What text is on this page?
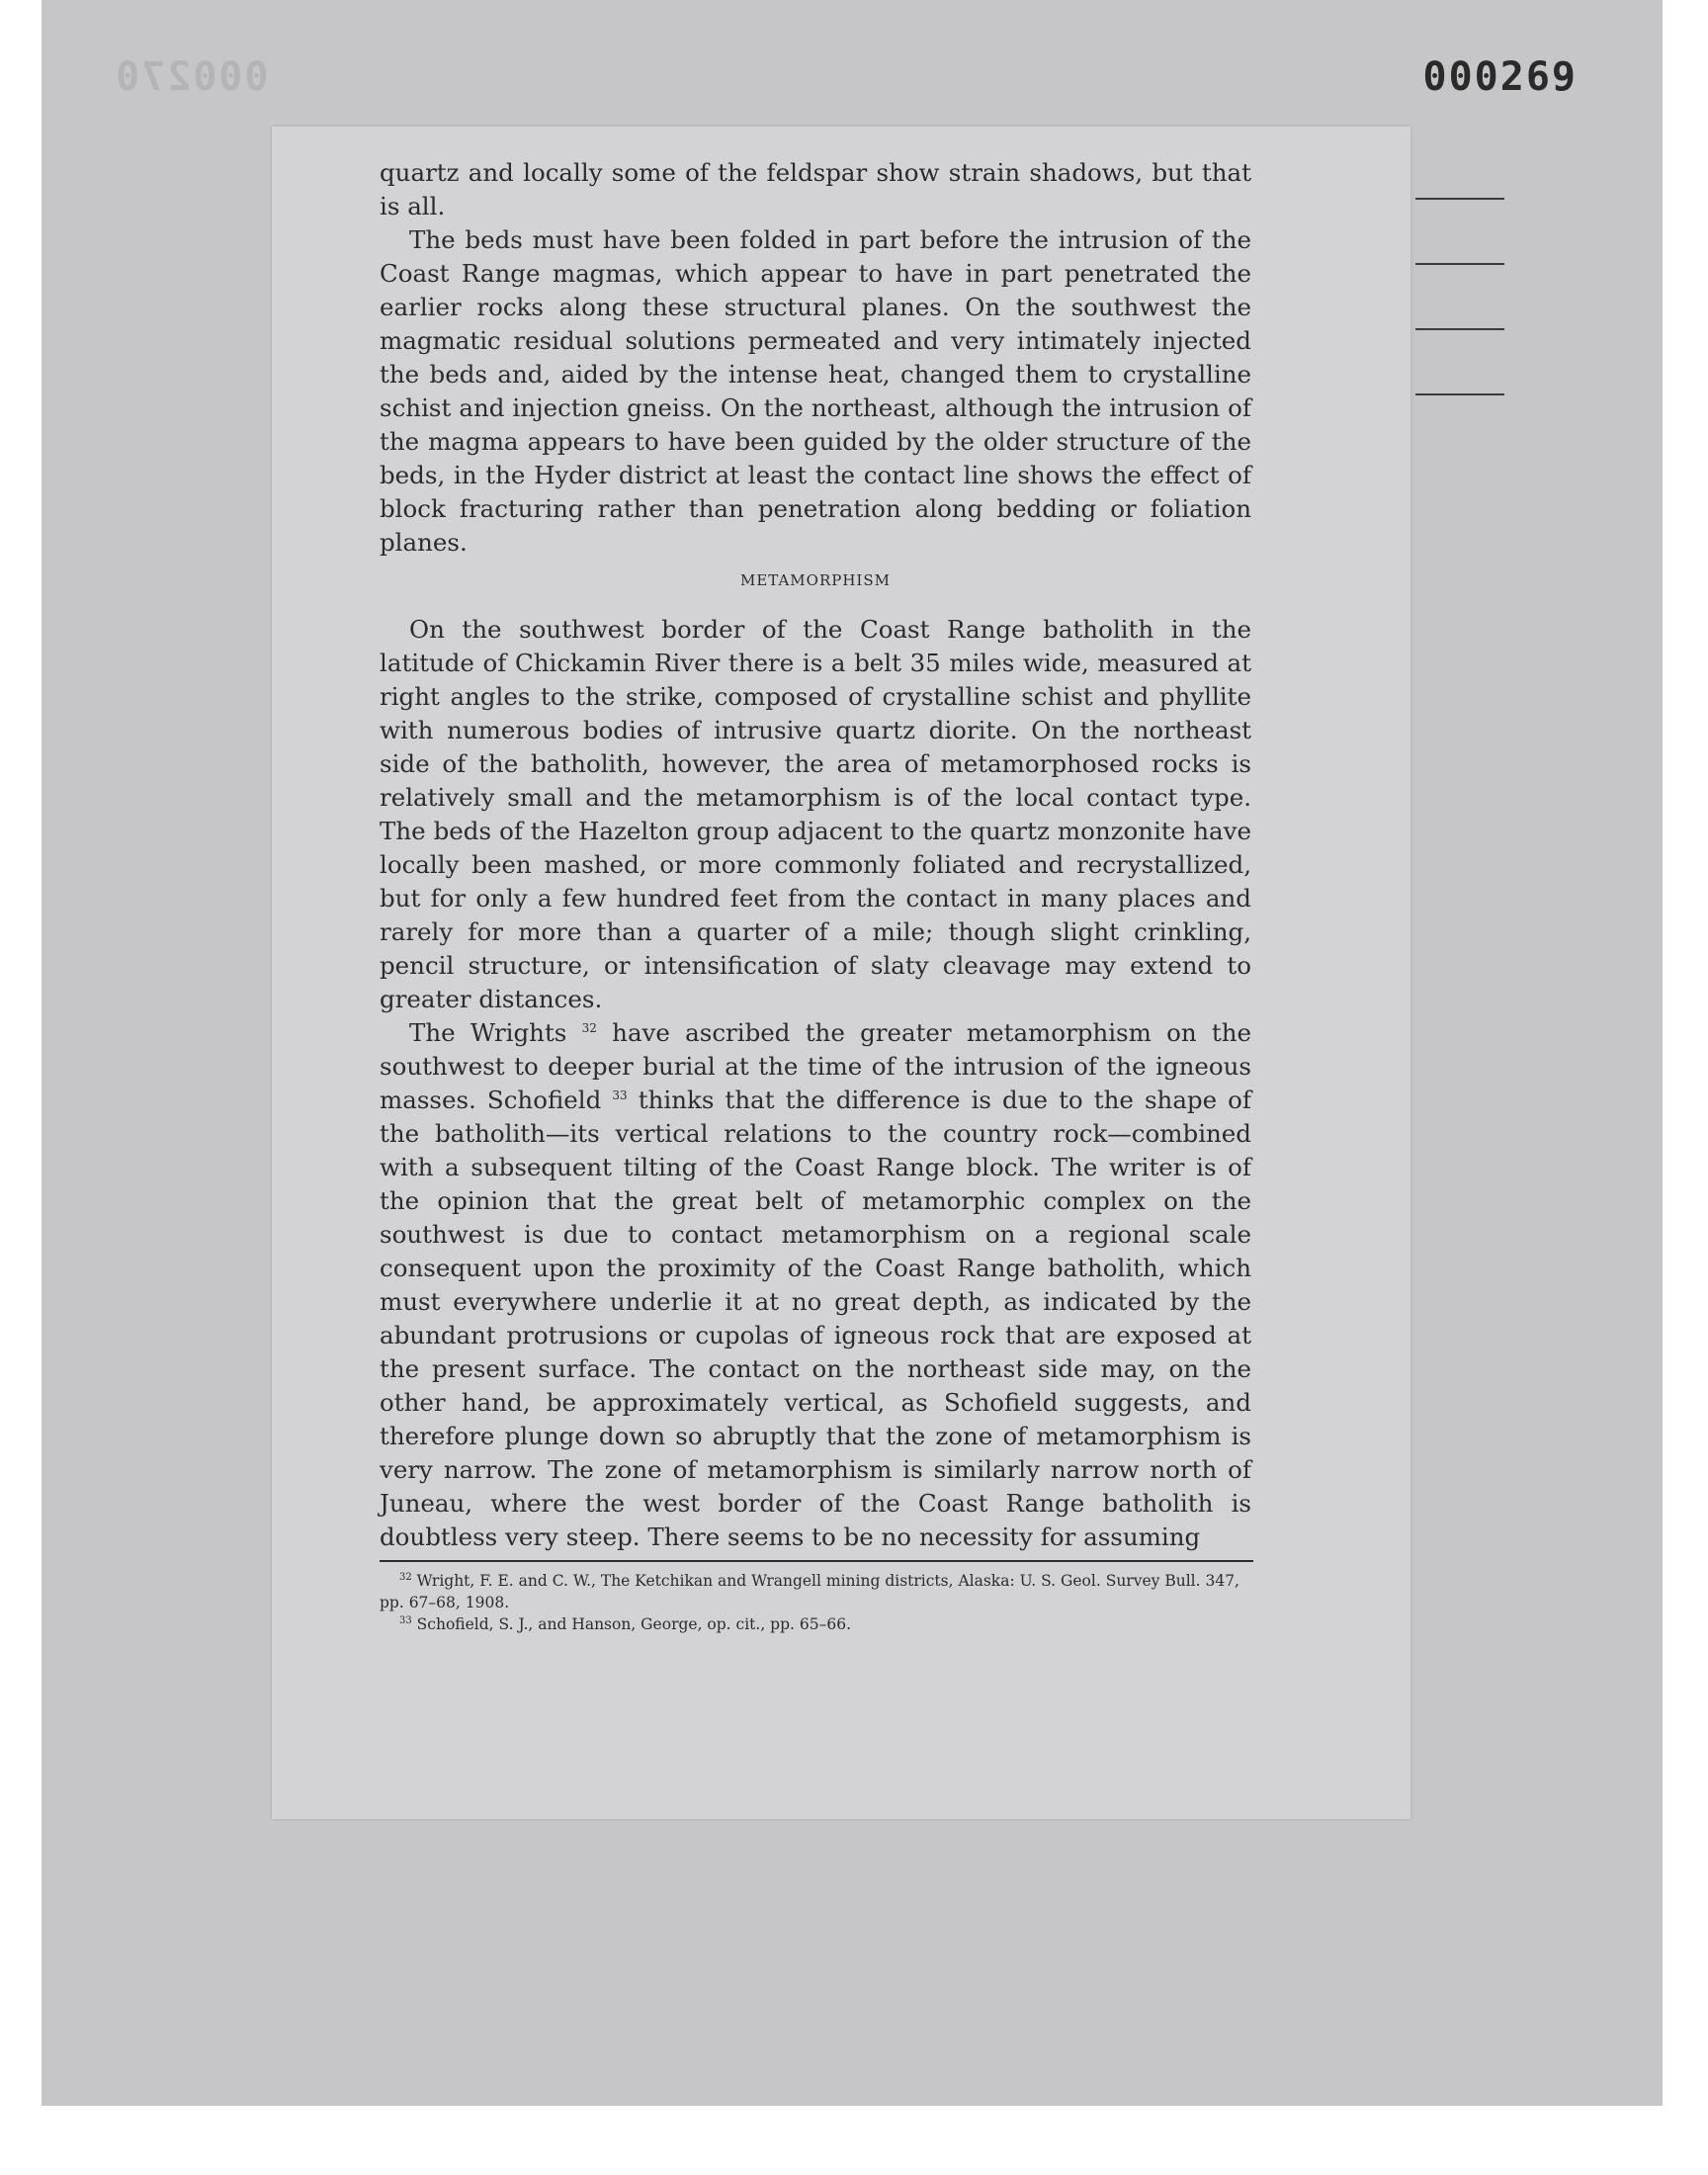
000270	000269

quartz and locally some of the feldspar show strain shadows, but that is all.

The beds must have been folded in part before the intrusion of the Coast Range magmas, which appear to have in part penetrated the earlier rocks along these structural planes. On the southwest the magmatic residual solutions permeated and very intimately injected the beds and, aided by the intense heat, changed them to crystalline schist and injection gneiss. On the northeast, although the intrusion of the magma appears to have been guided by the older structure of the beds, in the Hyder district at least the contact line shows the effect of block fracturing rather than penetration along bedding or foliation planes.

METAMORPHISM

On the southwest border of the Coast Range batholith in the latitude of Chickamin River there is a belt 35 miles wide, measured at right angles to the strike, composed of crystalline schist and phyllite with numerous bodies of intrusive quartz diorite. On the northeast side of the batholith, however, the area of metamorphosed rocks is relatively small and the metamorphism is of the local contact type. The beds of the Hazelton group adjacent to the quartz monzonite have locally been mashed, or more commonly foliated and recrystallized, but for only a few hundred feet from the contact in many places and rarely for more than a quarter of a mile; though slight crinkling, pencil structure, or intensification of slaty cleavage may extend to greater distances.

The Wrights $^{32}$ have ascribed the greater metamorphism on the southwest to deeper burial at the time of the intrusion of the igneous masses. Schofield $^{33}$ thinks that the difference is due to the shape of the batholith—its vertical relations to the country rock—combined with a subsequent tilting of the Coast Range block. The writer is of the opinion that the great belt of metamorphic complex on the southwest is due to contact metamorphism on a regional scale consequent upon the proximity of the Coast Range batholith, which must everywhere underlie it at no great depth, as indicated by the abundant protrusions or cupolas of igneous rock that are exposed at the present surface. The contact on the northeast side may, on the other hand, be approximately vertical, as Schofield suggests, and therefore plunge down so abruptly that the zone of metamorphism is very narrow. The zone of metamorphism is similarly narrow north of Juneau, where the west border of the Coast Range batholith is doubtless very steep. There seems to be no necessity for assuming

$^{32}$ Wright, F. E. and C. W., The Ketchikan and Wrangell mining districts, Alaska: U. S. Geol. Survey Bull. 347, pp. 67–68, 1908.

$^{33}$ Schofield, S. J., and Hanson, George, op. cit., pp. 65–66.
